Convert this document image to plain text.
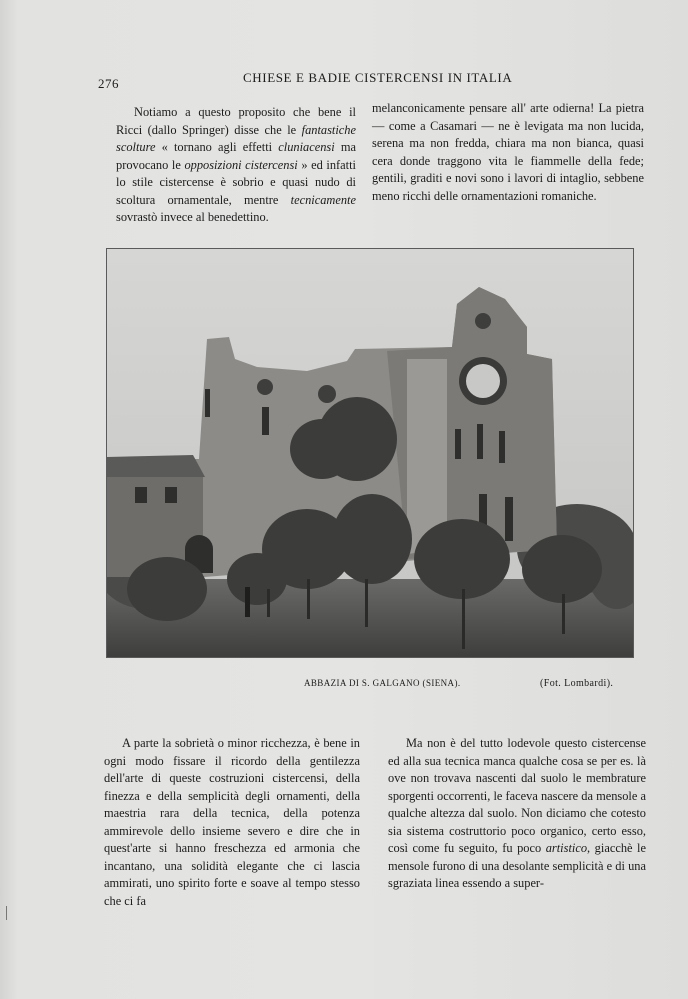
276	CHIESE E BADIE CISTERCENSI IN ITALIA

Notiamo a questo proposito che bene il Ricci (dallo Springer) disse che le fantastiche scolture « tornano agli effetti cluniacensi ma provocano le opposizioni cistercensi » ed infatti lo stile cistercense è sobrio e quasi nudo di scoltura ornamentale, mentre tecnicamente sovrastò invece al benedettino.

melanconicamente pensare all' arte odierna! La pietra — come a Casamari — ne è levigata ma non lucida, serena ma non fredda, chiara ma non bianca, quasi cera donde traggono vita le fiammelle della fede; gentili, graditi e novi sono i lavori di intaglio, sebbene meno ricchi delle ornamentazioni romaniche.

ABBAZIA DI S. GALGANO (SIENA).	(Fot. Lombardi).

A parte la sobrietà o minor ricchezza, è bene in ogni modo fissare il ricordo della gentilezza dell'arte di queste costruzioni cistercensi, della finezza e della semplicità degli ornamenti, della maestria rara della tecnica, della potenza ammirevole dello insieme severo e dire che in quest'arte si hanno freschezza ed armonia che incantano, una solidità elegante che ci lascia ammirati, uno spirito forte e soave al tempo stesso che ci fa

Ma non è del tutto lodevole questo cistercense ed alla sua tecnica manca qualche cosa se per es. là ove non trovava nascenti dal suolo le membrature sporgenti occorrenti, le faceva nascere da mensole a qualche altezza dal suolo. Non diciamo che cotesto sia sistema costruttorio poco organico, certo esso, così come fu seguito, fu poco artistico, giacchè le mensole furono di una desolante semplicità e di una sgraziata linea essendo a super-
